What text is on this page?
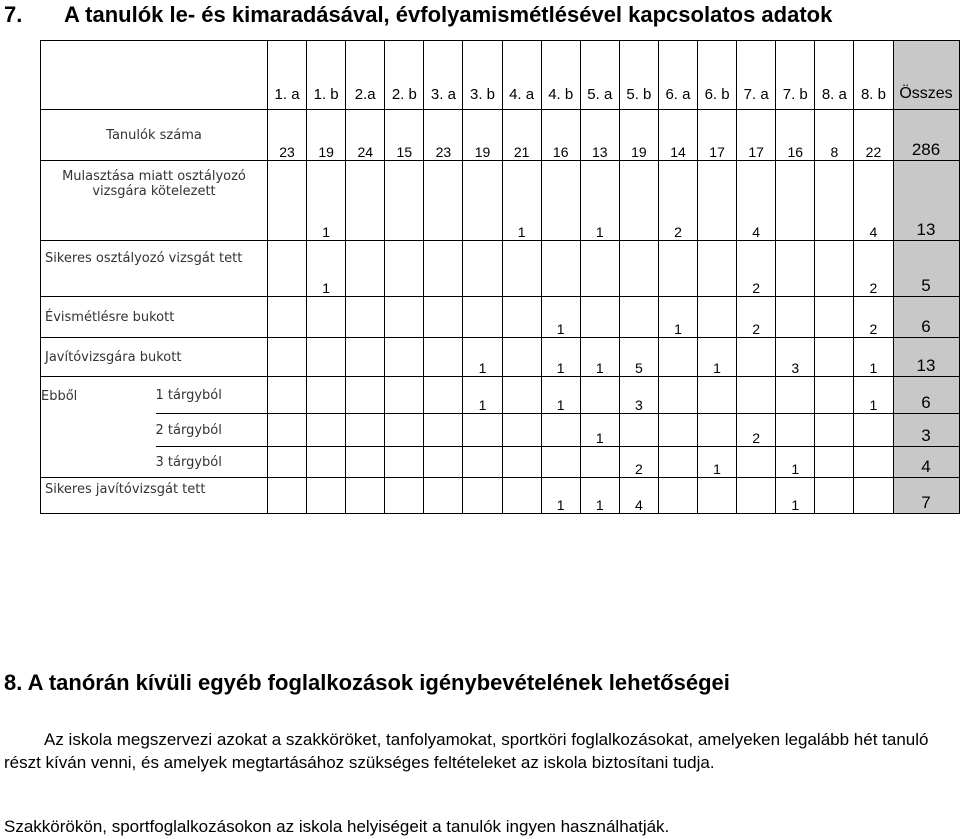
7. A tanulók le- és kimaradásával, évfolyamismétlésével kapcsolatos adatok
		1. a	1. b	2.a	2. b	3. a	3. b	4. a	4. b	5. a	5. b	6. a	6. b	7. a	7. b	8. a	8. b	Összes
Tanulók száma		23	19	24	15	23	19	21	16	13	19	14	17	17	16	8	22	286
Mulasztása miatt osztályozó vizsgára kötelezett			1					1		1		2		4			4	13
Sikeres osztályozó vizsgát tett			1											2			2	5
Évismétlésre bukott									1			1		2			2	6
Javítóvizsgára bukott							1		1	1	5		1		3		1	13

Ebből	1 tárgyból						1		1		3						1	6
	2 tárgyból									1				2				3
	3 tárgyból										2		1		1			4
Sikeres javítóvizsgát tett									1	1	4				1			7
8. A tanórán kívüli egyéb foglalkozások igénybevételének lehetőségei
Az iskola megszervezi azokat a szakköröket, tanfolyamokat, sportköri foglalkozásokat, amelyeken legalább hét tanuló részt kíván venni, és amelyek megtartásához szükséges feltételeket az iskola biztosítani tudja.
Szakkörökön, sportfoglalkozásokon az iskola helyiségeit a tanulók ingyen használhatják.
